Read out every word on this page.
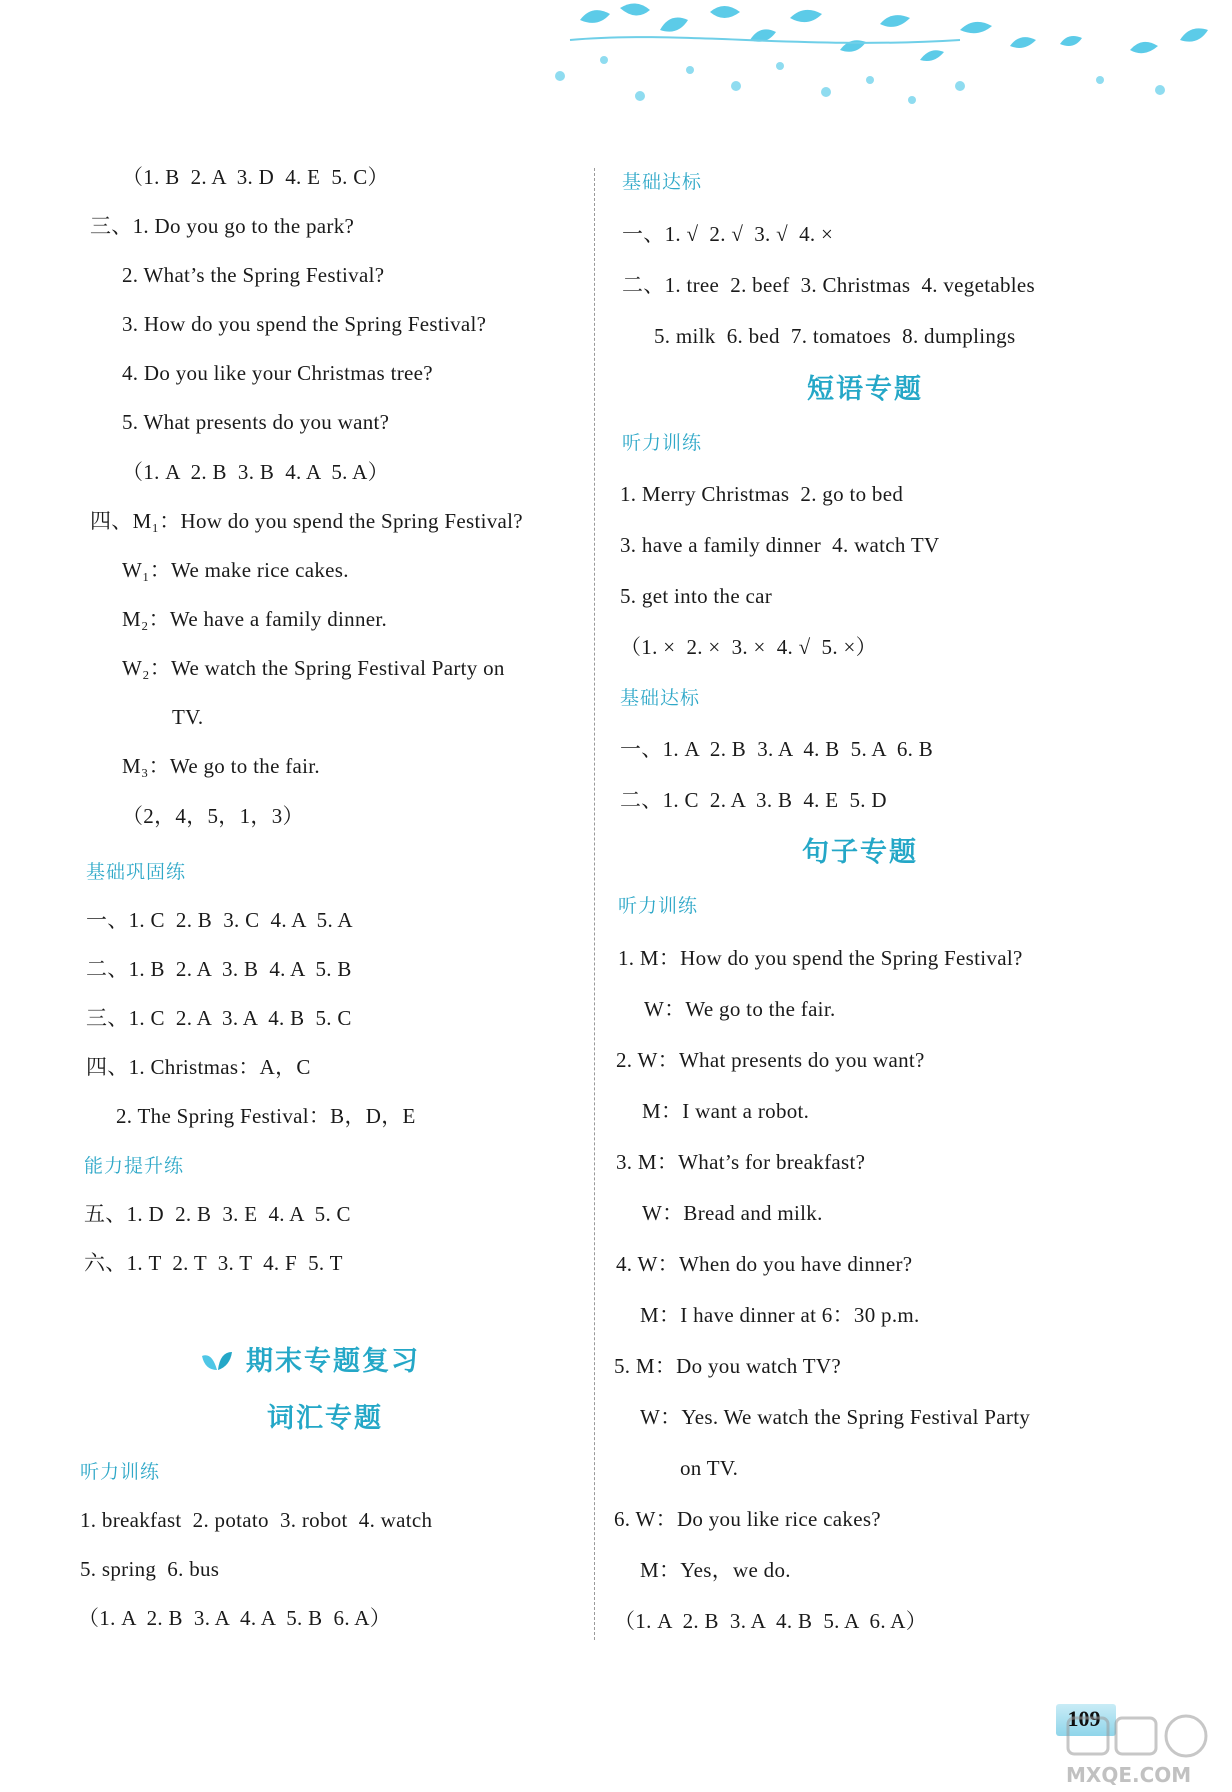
（1. B  2. A  3. D  4. E  5. C）
三、1. Do you go to the park?
2. What’s the Spring Festival?
3. How do you spend the Spring Festival?
4. Do you like your Christmas tree?
5. What presents do you want?
（1. A  2. B  3. B  4. A  5. A）
四、M₁：How do you spend the Spring Festival?
W₁：We make rice cakes.
M₂：We have a family dinner.
W₂：We watch the Spring Festival Party on
TV.
M₃：We go to the fair.
（2，4，5，1，3）
基础巩固练
一、1. C  2. B  3. C  4. A  5. A
二、1. B  2. A  3. B  4. A  5. B
三、1. C  2. A  3. A  4. B  5. C
四、1. Christmas：A，C
2. The Spring Festival：B，D，E
能力提升练
五、1. D  2. B  3. E  4. A  5. C
六、1. T  2. T  3. T  4. F  5. T
期末专题复习
词汇专题
听力训练
1. breakfast  2. potato  3. robot  4. watch
5. spring  6. bus
（1. A  2. B  3. A  4. A  5. B  6. A）
基础达标
一、1. √  2. √  3. √  4. ×
二、1. tree  2. beef  3. Christmas  4. vegetables
5. milk  6. bed  7. tomatoes  8. dumplings
短语专题
听力训练
1. Merry Christmas  2. go to bed
3. have a family dinner  4. watch TV
5. get into the car
（1. ×  2. ×  3. ×  4. √  5. ×）
基础达标
一、1. A  2. B  3. A  4. B  5. A  6. B
二、1. C  2. A  3. B  4. E  5. D
句子专题
听力训练
1. M：How do you spend the Spring Festival?
W：We go to the fair.
2. W：What presents do you want?
M：I want a robot.
3. M：What’s for breakfast?
W：Bread and milk.
4. W：When do you have dinner?
M：I have dinner at 6：30 p.m.
5. M：Do you watch TV?
W：Yes. We watch the Spring Festival Party
on TV.
6. W：Do you like rice cakes?
M：Yes，we do.
（1. A  2. B  3. A  4. B  5. A  6. A）
109
MXQE.COM
